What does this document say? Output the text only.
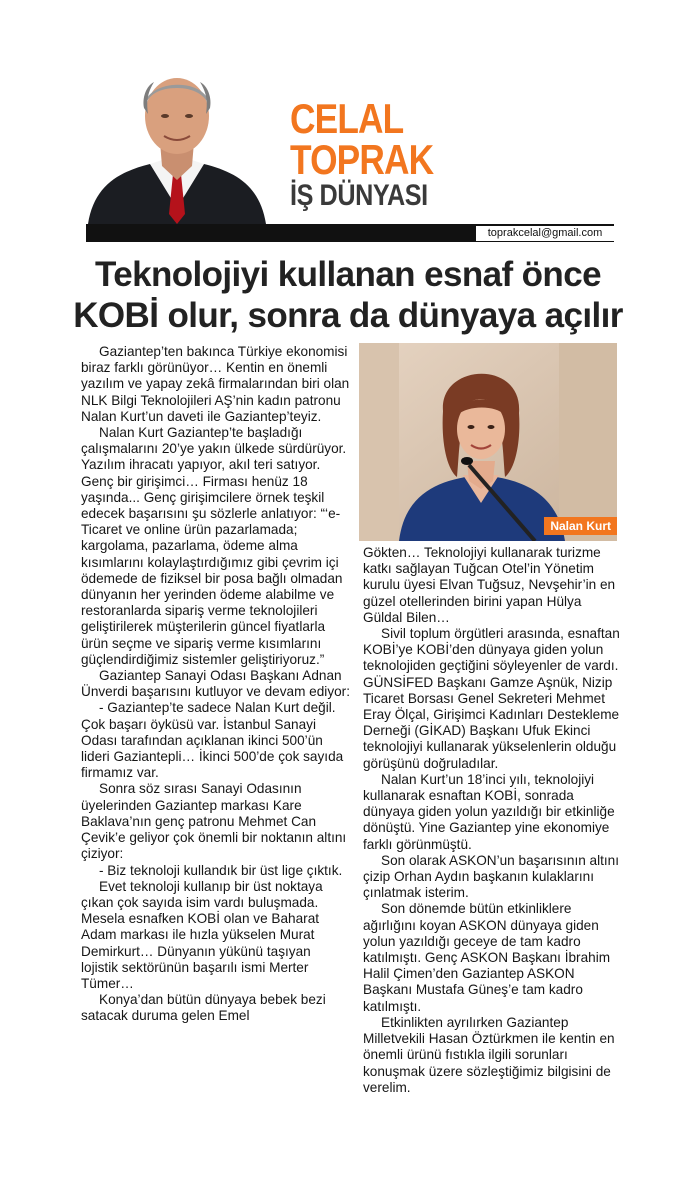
CELAL
TOPRAK
İŞ DÜNYASI
toprakcelal@gmail.com
Teknolojiyi kullanan esnaf önce
KOBİ olur, sonra da dünyaya açılır

Gaziantep’ten bakınca Türkiye ekonomisi biraz farklı görünüyor… Kentin en önemli yazılım ve yapay zekâ firmalarından biri olan NLK Bilgi Teknolojileri AŞ’nin kadın patronu Nalan Kurt’un daveti ile Gaziantep’teyiz.

Nalan Kurt Gaziantep’te başladığı çalışmalarını 20’ye yakın ülkede sürdürüyor. Yazılım ihracatı yapıyor, akıl teri satıyor. Genç bir girişimci… Firması henüz 18 yaşında... Genç girişimcilere örnek teşkil edecek başarısını şu sözlerle anlatıyor: “‘e-Ticaret ve online ürün pazarlamada; kargolama, pazarlama, ödeme alma kısımlarını kolaylaştırdığımız gibi çevrim içi ödemede de fiziksel bir posa bağlı olmadan dünyanın her yerinden ödeme alabilme ve restoranlarda sipariş verme teknolojileri geliştirilerek müşterilerin güncel fiyatlarla ürün seçme ve sipariş verme kısımlarını güçlendirdiğimiz sistemler geliştiriyoruz.”

Gaziantep Sanayi Odası Başkanı Adnan Ünverdi başarısını kutluyor ve devam ediyor:

- Gaziantep’te sadece Nalan Kurt değil. Çok başarı öyküsü var. İstanbul Sanayi Odası tarafından açıklanan ikinci 500’ün lideri Gaziantepli… İkinci 500’de çok sayıda firmamız var.

Sonra söz sırası Sanayi Odasının üyelerinden Gaziantep markası Kare Baklava’nın genç patronu Mehmet Can Çevik’e geliyor çok önemli bir noktanın altını çiziyor:

- Biz teknoloji kullandık bir üst lige çıktık.

Evet teknoloji kullanıp bir üst noktaya çıkan çok sayıda isim vardı buluşmada. Mesela esnafken KOBİ olan ve Baharat Adam markası ile hızla yükselen Murat Demirkurt… Dünyanın yükünü taşıyan lojistik sektörünün başarılı ismi Merter Tümer…

Konya’dan bütün dünyaya bebek bezi satacak duruma gelen Emel

Nalan Kurt

Gökten… Teknolojiyi kullanarak turizme katkı sağlayan Tuğcan Otel’in Yönetim kurulu üyesi Elvan Tuğsuz, Nevşehir’in en güzel otellerinden birini yapan Hülya Güldal Bilen…

Sivil toplum örgütleri arasında, esnaftan KOBİ’ye KOBİ’den dünyaya giden yolun teknolojiden geçtiğini söyleyenler de vardı. GÜNSİFED Başkanı Gamze Aşnük, Nizip Ticaret Borsası Genel Sekreteri Mehmet Eray Ölçal, Girişimci Kadınları Destekleme Derneği (GİKAD) Başkanı Ufuk Ekinci teknolojiyi kullanarak yükselenlerin olduğu görüşünü doğruladılar.

Nalan Kurt’un 18’inci yılı, teknolojiyi kullanarak esnaftan KOBİ, sonrada dünyaya giden yolun yazıldığı bir etkinliğe dönüştü. Yine Gaziantep yine ekonomiye farklı görünmüştü.

Son olarak ASKON’un başarısının altını çizip Orhan Aydın başkanın kulaklarını çınlatmak isterim.

Son dönemde bütün etkinliklere ağırlığını koyan ASKON dünyaya giden yolun yazıldığı geceye de tam kadro katılmıştı. Genç ASKON Başkanı İbrahim Halil Çimen’den Gaziantep ASKON Başkanı Mustafa Güneş’e tam kadro katılmıştı.

Etkinlikten ayrılırken Gaziantep Milletvekili Hasan Öztürkmen ile kentin en önemli ürünü fıstıkla ilgili sorunları konuşmak üzere sözleştiğimiz bilgisini de verelim.
